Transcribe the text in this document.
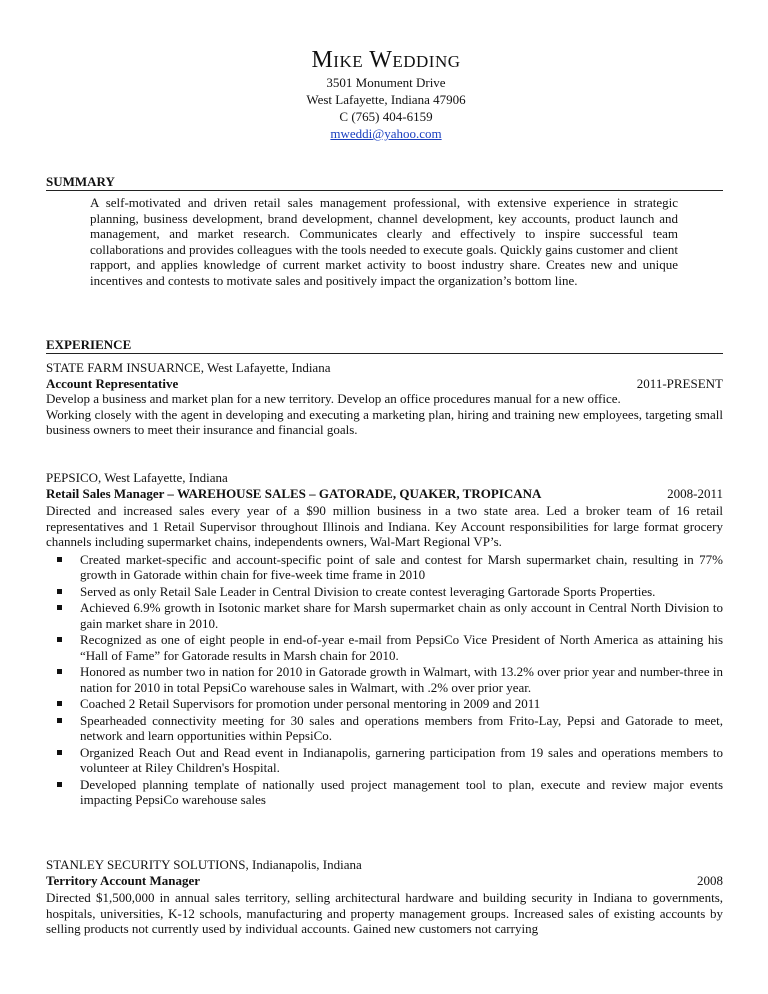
Mike Wedding
3501 Monument Drive
West Lafayette, Indiana 47906
C (765) 404-6159
mweddi@yahoo.com
SUMMARY
A self-motivated and driven retail sales management professional, with extensive experience in strategic planning, business development, brand development, channel development, key accounts, product launch and management, and market research. Communicates clearly and effectively to inspire successful team collaborations and provides colleagues with the tools needed to execute goals. Quickly gains customer and client rapport, and applies knowledge of current market activity to boost industry share. Creates new and unique incentives and contests to motivate sales and positively impact the organization’s bottom line.
EXPERIENCE
STATE FARM INSUARNCE, West Lafayette, Indiana
Account Representative	2011-PRESENT
Develop a business and market plan for a new territory. Develop an office procedures manual for a new office.
Working closely with the agent in developing and executing a marketing plan, hiring and training new employees, targeting small business owners to meet their insurance and financial goals.
PEPSICO, West Lafayette, Indiana
Retail Sales Manager – WAREHOUSE SALES – GATORADE, QUAKER, TROPICANA	2008-2011
Directed and increased sales every year of a $90 million business in a two state area. Led a broker team of 16 retail representatives and 1 Retail Supervisor throughout Illinois and Indiana. Key Account responsibilities for large format grocery channels including supermarket chains, independents owners, Wal-Mart Regional VP’s.
Created market-specific and account-specific point of sale and contest for Marsh supermarket chain, resulting in 77% growth in Gatorade within chain for five-week time frame in 2010
Served as only Retail Sale Leader in Central Division to create contest leveraging Gartorade Sports Properties.
Achieved 6.9% growth in Isotonic market share for Marsh supermarket chain as only account in Central North Division to gain market share in 2010.
Recognized as one of eight people in end-of-year e-mail from PepsiCo Vice President of North America as attaining his “Hall of Fame” for Gatorade results in Marsh chain for 2010.
Honored as number two in nation for 2010 in Gatorade growth in Walmart, with 13.2% over prior year and number-three in nation for 2010 in total PepsiCo warehouse sales in Walmart, with .2% over prior year.
Coached 2 Retail Supervisors for promotion under personal mentoring in 2009 and 2011
Spearheaded connectivity meeting for 30 sales and operations members from Frito-Lay, Pepsi and Gatorade to meet, network and learn opportunities within PepsiCo.
Organized Reach Out and Read event in Indianapolis, garnering participation from 19 sales and operations members to volunteer at Riley Children's Hospital.
Developed planning template of nationally used project management tool to plan, execute and review major events impacting PepsiCo warehouse sales
STANLEY SECURITY SOLUTIONS, Indianapolis, Indiana
Territory Account Manager	2008
Directed $1,500,000 in annual sales territory, selling architectural hardware and building security in Indiana to governments, hospitals, universities, K-12 schools, manufacturing and property management groups. Increased sales of existing accounts by selling products not currently used by individual accounts. Gained new customers not carrying
